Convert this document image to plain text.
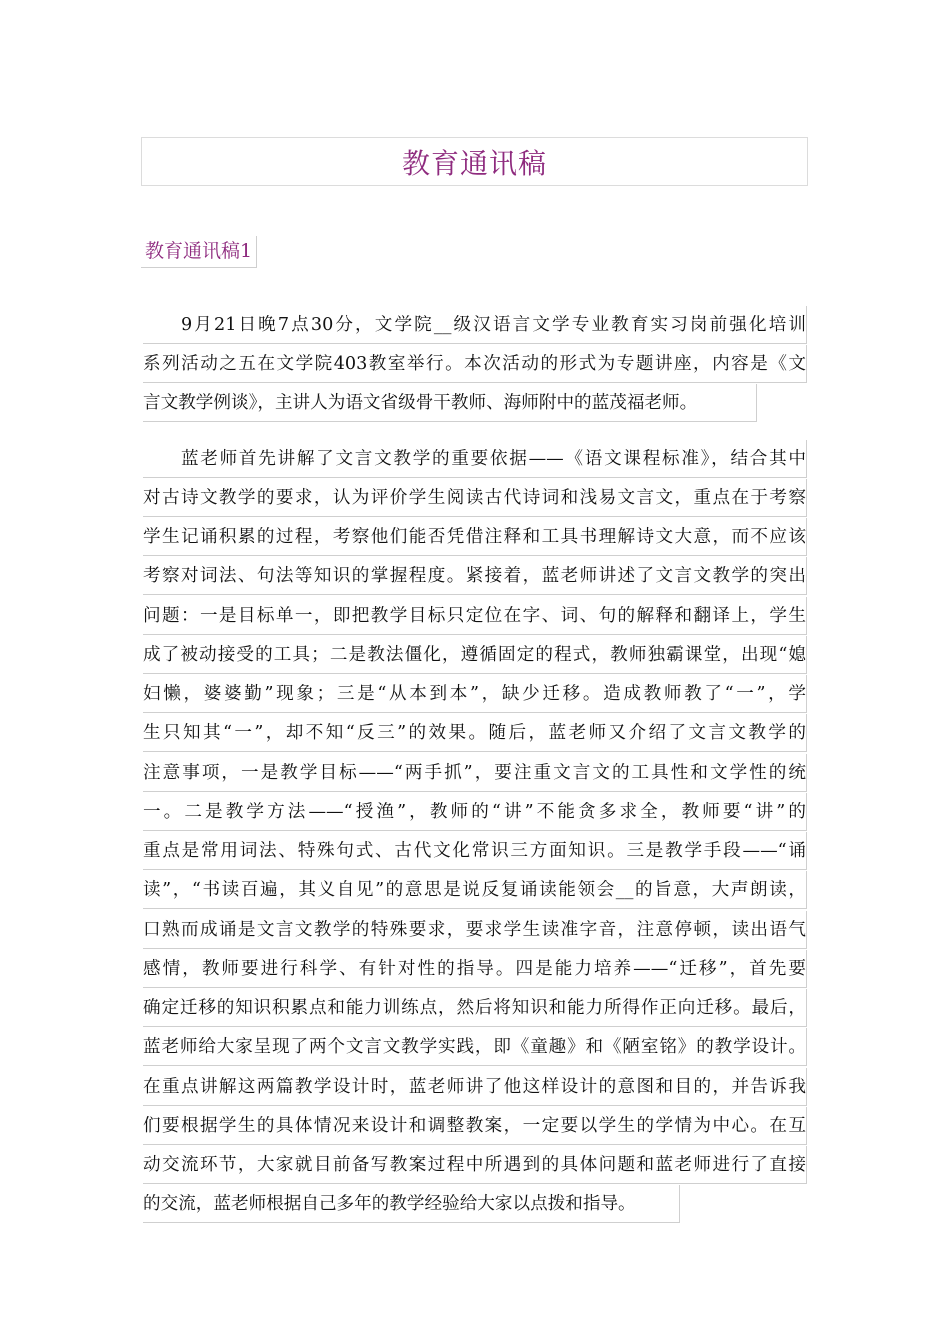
教育通讯稿
教育通讯稿1
9月21日晚7点30分，文学院__级汉语言文学专业教育实习岗前强化培训
系列活动之五在文学院403教室举行。本次活动的形式为专题讲座，内容是《文
言文教学例谈》，主讲人为语文省级骨干教师、海师附中的蓝茂福老师。
蓝老师首先讲解了文言文教学的重要依据——《语文课程标准》，结合其中
对古诗文教学的要求，认为评价学生阅读古代诗词和浅易文言文，重点在于考察
学生记诵积累的过程，考察他们能否凭借注释和工具书理解诗文大意，而不应该
考察对词法、句法等知识的掌握程度。紧接着，蓝老师讲述了文言文教学的突出
问题：一是目标单一，即把教学目标只定位在字、词、句的解释和翻译上，学生
成了被动接受的工具；二是教法僵化，遵循固定的程式，教师独霸课堂，出现“媳
妇懒，婆婆勤”现象；三是“从本到本”，缺少迁移。造成教师教了“一”，学
生只知其“一”，却不知“反三”的效果。随后，蓝老师又介绍了文言文教学的
注意事项，一是教学目标——“两手抓”，要注重文言文的工具性和文学性的统
一。二是教学方法——“授渔”，教师的“讲”不能贪多求全，教师要“讲”的
重点是常用词法、特殊句式、古代文化常识三方面知识。三是教学手段——“诵
读”，“书读百遍，其义自见”的意思是说反复诵读能领会__的旨意，大声朗读，
口熟而成诵是文言文教学的特殊要求，要求学生读准字音，注意停顿，读出语气
感情，教师要进行科学、有针对性的指导。四是能力培养——“迁移”，首先要
确定迁移的知识积累点和能力训练点，然后将知识和能力所得作正向迁移。最后，
蓝老师给大家呈现了两个文言文教学实践，即《童趣》和《陋室铭》的教学设计。
在重点讲解这两篇教学设计时，蓝老师讲了他这样设计的意图和目的，并告诉我
们要根据学生的具体情况来设计和调整教案，一定要以学生的学情为中心。在互
动交流环节，大家就目前备写教案过程中所遇到的具体问题和蓝老师进行了直接
的交流，蓝老师根据自己多年的教学经验给大家以点拨和指导。
